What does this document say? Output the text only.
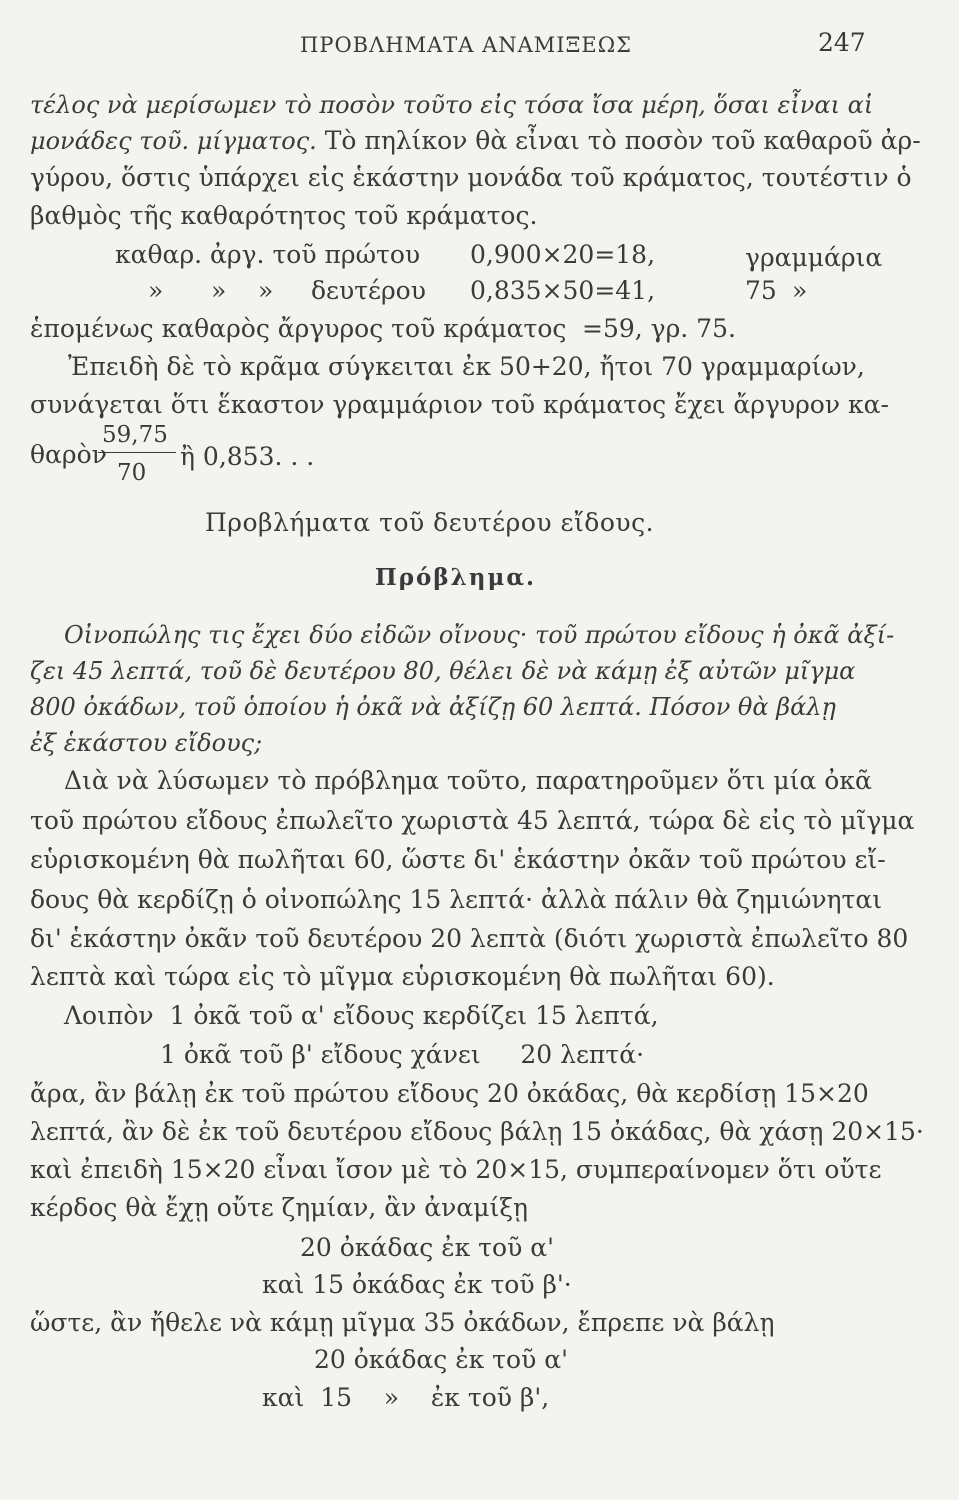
ΠΡΟΒΛΗΜΑΤΑ ΑΝΑΜΙΞΕΩΣ	247
τέλος νὰ μερίσωμεν τὸ ποσὸν τοῦτο εἰς τόσα ἴσα μέρη, ὅσαι εἶναι αἱ
μονάδες τοῦ. μίγματος. Τὸ πηλίκον θὰ εἶναι τὸ ποσὸν τοῦ καθαροῦ ἀρ-
γύρου, ὅστις ὑπάρχει εἰς ἑκάστην μονάδα τοῦ κράματος, τουτέστιν ὁ
βαθμὸς τῆς καθαρότητος τοῦ κράματος.
καθαρ. ἀργ. τοῦ πρώτου 0,900×20=18,	γραμμάρια
»      »    » δευτέρου 0,835×50=41,	75 »
ἑπομένως καθαρὸς ἄργυρος τοῦ κράματος =59, γρ. 75.
Ἐπειδὴ δὲ τὸ κρᾶμα σύγκειται ἐκ 50+20, ἤτοι 70 γραμμαρίων,
συνάγεται ὅτι ἕκαστον γραμμάριον τοῦ κράματος ἔχει ἄργυρον κα-
θαρὸν
59,75
70
ἢ 0,853. . .
Προβλήματα τοῦ δευτέρου εἴδους.
Πρόβλημα.
Οἰνοπώλης τις ἔχει δύο εἰδῶν οἴνους· τοῦ πρώτου εἴδους ἡ ὀκᾶ ἀξί-
ζει 45 λεπτά, τοῦ δὲ δευτέρου 80, θέλει δὲ νὰ κάμῃ ἐξ αὐτῶν μῖγμα
800 ὀκάδων, τοῦ ὁποίου ἡ ὀκᾶ νὰ ἀξίζῃ 60 λεπτά. Πόσον θὰ βάλῃ
ἐξ ἑκάστου εἴδους;
Διὰ νὰ λύσωμεν τὸ πρόβλημα τοῦτο, παρατηροῦμεν ὅτι μία ὀκᾶ
τοῦ πρώτου εἴδους ἐπωλεῖτο χωριστὰ 45 λεπτά, τώρα δὲ εἰς τὸ μῖγμα
εὑρισκομένη θὰ πωλῆται 60, ὥστε δι' ἑκάστην ὀκᾶν τοῦ πρώτου εἴ-
δους θὰ κερδίζῃ ὁ οἰνοπώλης 15 λεπτά· ἀλλὰ πάλιν θὰ ζημιώνηται
δι' ἑκάστην ὀκᾶν τοῦ δευτέρου 20 λεπτὰ (διότι χωριστὰ ἐπωλεῖτο 80
λεπτὰ καὶ τώρα εἰς τὸ μῖγμα εὑρισκομένη θὰ πωλῆται 60).
Λοιπὸν  1 ὀκᾶ τοῦ α' εἴδους κερδίζει 15 λεπτά,
1 ὀκᾶ τοῦ β' εἴδους χάνει     20 λεπτά·
ἄρα, ἂν βάλῃ ἐκ τοῦ πρώτου εἴδους 20 ὀκάδας, θὰ κερδίσῃ 15×20
λεπτά, ἂν δὲ ἐκ τοῦ δευτέρου εἴδους βάλῃ 15 ὀκάδας, θὰ χάσῃ 20×15·
καὶ ἐπειδὴ 15×20 εἶναι ἴσον μὲ τὸ 20×15, συμπεραίνομεν ὅτι οὔτε
κέρδος θὰ ἔχῃ οὔτε ζημίαν, ἂν ἀναμίξῃ
20 ὀκάδας ἐκ τοῦ α'
καὶ 15 ὀκάδας ἐκ τοῦ β'·
ὥστε, ἂν ἤθελε νὰ κάμῃ μῖγμα 35 ὀκάδων, ἔπρεπε νὰ βάλῃ
20 ὀκάδας ἐκ τοῦ α'
καὶ  15    »    ἐκ τοῦ β',
